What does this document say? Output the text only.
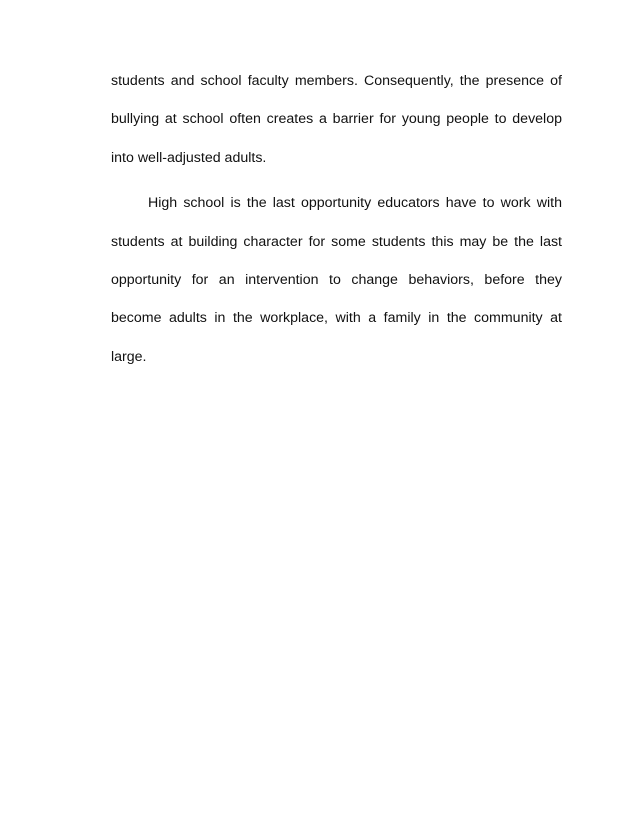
students and school faculty members. Consequently, the presence of bullying at school often creates a barrier for young people to develop into well-adjusted adults.

High school is the last opportunity educators have to work with students at building character for some students this may be the last opportunity for an intervention to change behaviors, before they become adults in the workplace, with a family in the community at large.
